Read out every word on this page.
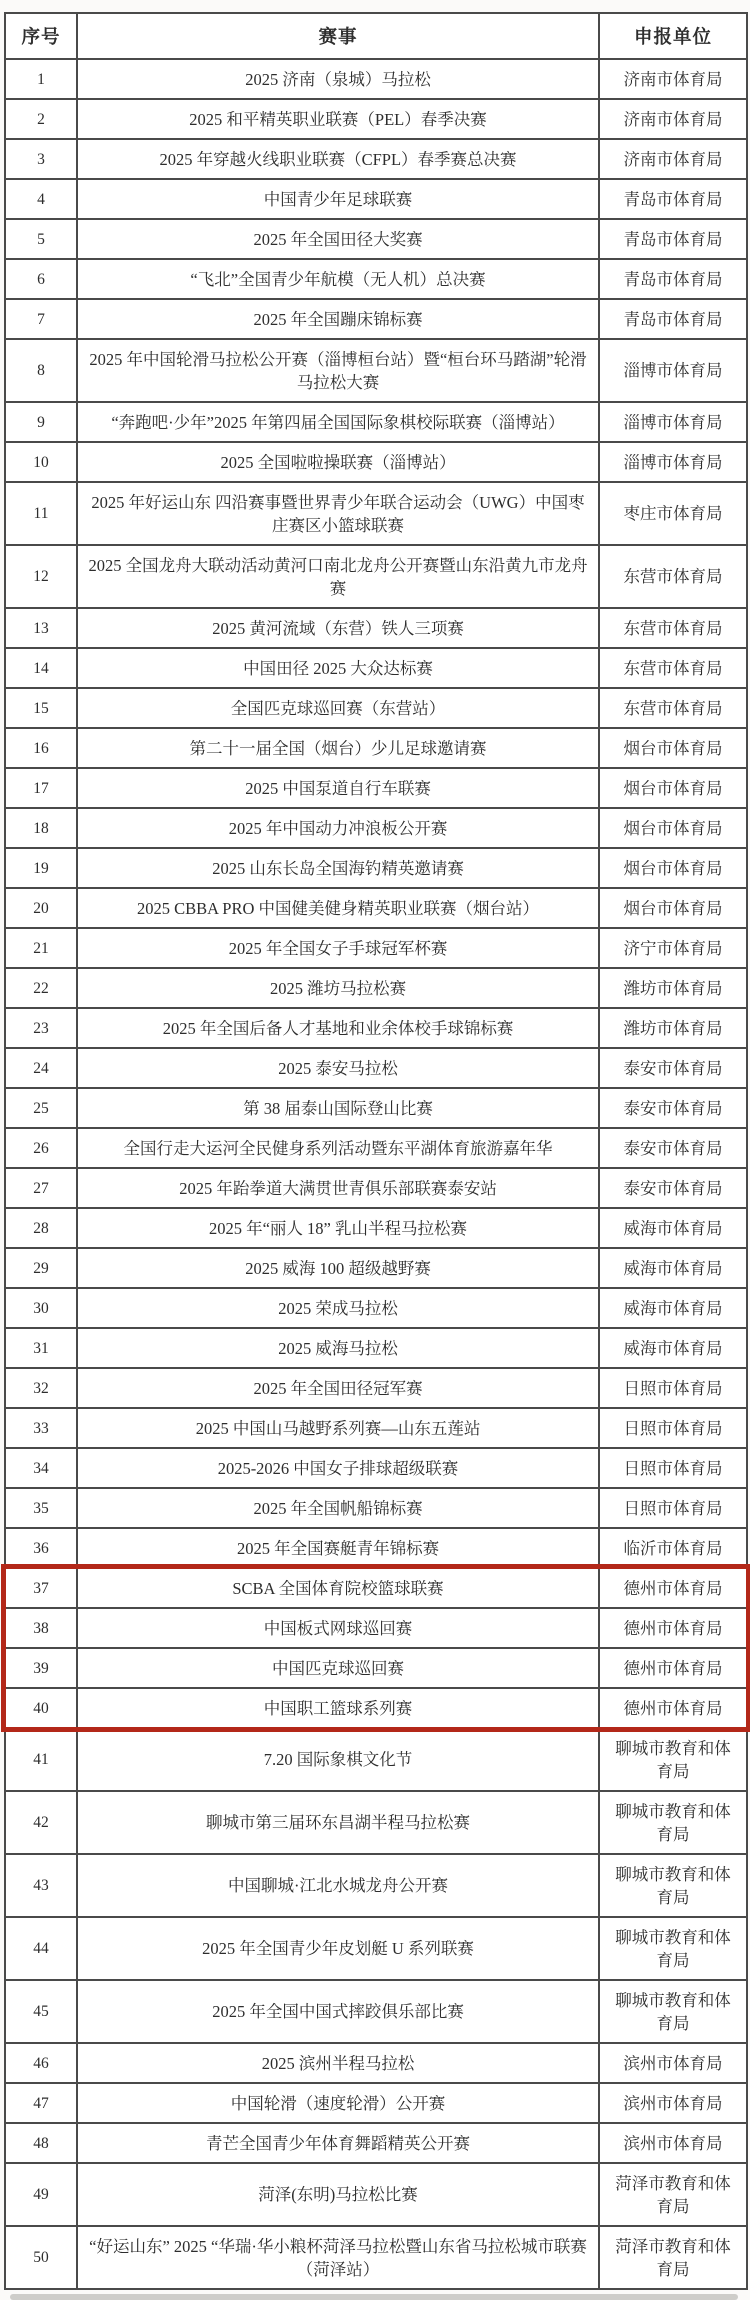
序号	赛事	申报单位
1	2025 济南（泉城）马拉松	济南市体育局
2	2025 和平精英职业联赛（PEL）春季决赛	济南市体育局
3	2025 年穿越火线职业联赛（CFPL）春季赛总决赛	济南市体育局
4	中国青少年足球联赛	青岛市体育局
5	2025 年全国田径大奖赛	青岛市体育局
6	“飞北”全国青少年航模（无人机）总决赛	青岛市体育局
7	2025 年全国蹦床锦标赛	青岛市体育局
8	2025 年中国轮滑马拉松公开赛（淄博桓台站）暨“桓台环马踏湖”轮滑马拉松大赛	淄博市体育局
9	“奔跑吧·少年”2025 年第四届全国国际象棋校际联赛（淄博站）	淄博市体育局
10	2025 全国啦啦操联赛（淄博站）	淄博市体育局
11	2025 年好运山东 四沿赛事暨世界青少年联合运动会（UWG）中国枣庄赛区小篮球联赛	枣庄市体育局
12	2025 全国龙舟大联动活动黄河口南北龙舟公开赛暨山东沿黄九市龙舟赛	东营市体育局
13	2025 黄河流域（东营）铁人三项赛	东营市体育局
14	中国田径 2025 大众达标赛	东营市体育局
15	全国匹克球巡回赛（东营站）	东营市体育局
16	第二十一届全国（烟台）少儿足球邀请赛	烟台市体育局
17	2025 中国泵道自行车联赛	烟台市体育局
18	2025 年中国动力冲浪板公开赛	烟台市体育局
19	2025 山东长岛全国海钓精英邀请赛	烟台市体育局
20	2025 CBBA PRO 中国健美健身精英职业联赛（烟台站）	烟台市体育局
21	2025 年全国女子手球冠军杯赛	济宁市体育局
22	2025 潍坊马拉松赛	潍坊市体育局
23	2025 年全国后备人才基地和业余体校手球锦标赛	潍坊市体育局
24	2025 泰安马拉松	泰安市体育局
25	第 38 届泰山国际登山比赛	泰安市体育局
26	全国行走大运河全民健身系列活动暨东平湖体育旅游嘉年华	泰安市体育局
27	2025 年跆拳道大满贯世青俱乐部联赛泰安站	泰安市体育局
28	2025 年“丽人 18” 乳山半程马拉松赛	威海市体育局
29	2025 威海 100 超级越野赛	威海市体育局
30	2025 荣成马拉松	威海市体育局
31	2025 威海马拉松	威海市体育局
32	2025 年全国田径冠军赛	日照市体育局
33	2025 中国山马越野系列赛—山东五莲站	日照市体育局
34	2025-2026 中国女子排球超级联赛	日照市体育局
35	2025 年全国帆船锦标赛	日照市体育局
36	2025 年全国赛艇青年锦标赛	临沂市体育局
37	SCBA 全国体育院校篮球联赛	德州市体育局
38	中国板式网球巡回赛	德州市体育局
39	中国匹克球巡回赛	德州市体育局
40	中国职工篮球系列赛	德州市体育局
41	7.20 国际象棋文化节	聊城市教育和体育局
42	聊城市第三届环东昌湖半程马拉松赛	聊城市教育和体育局
43	中国聊城·江北水城龙舟公开赛	聊城市教育和体育局
44	2025 年全国青少年皮划艇 U 系列联赛	聊城市教育和体育局
45	2025 年全国中国式摔跤俱乐部比赛	聊城市教育和体育局
46	2025 滨州半程马拉松	滨州市体育局
47	中国轮滑（速度轮滑）公开赛	滨州市体育局
48	青芒全国青少年体育舞蹈精英公开赛	滨州市体育局
49	菏泽(东明)马拉松比赛	菏泽市教育和体育局
50	“好运山东” 2025 “华瑞·华小粮杯菏泽马拉松暨山东省马拉松城市联赛（菏泽站）	菏泽市教育和体育局
